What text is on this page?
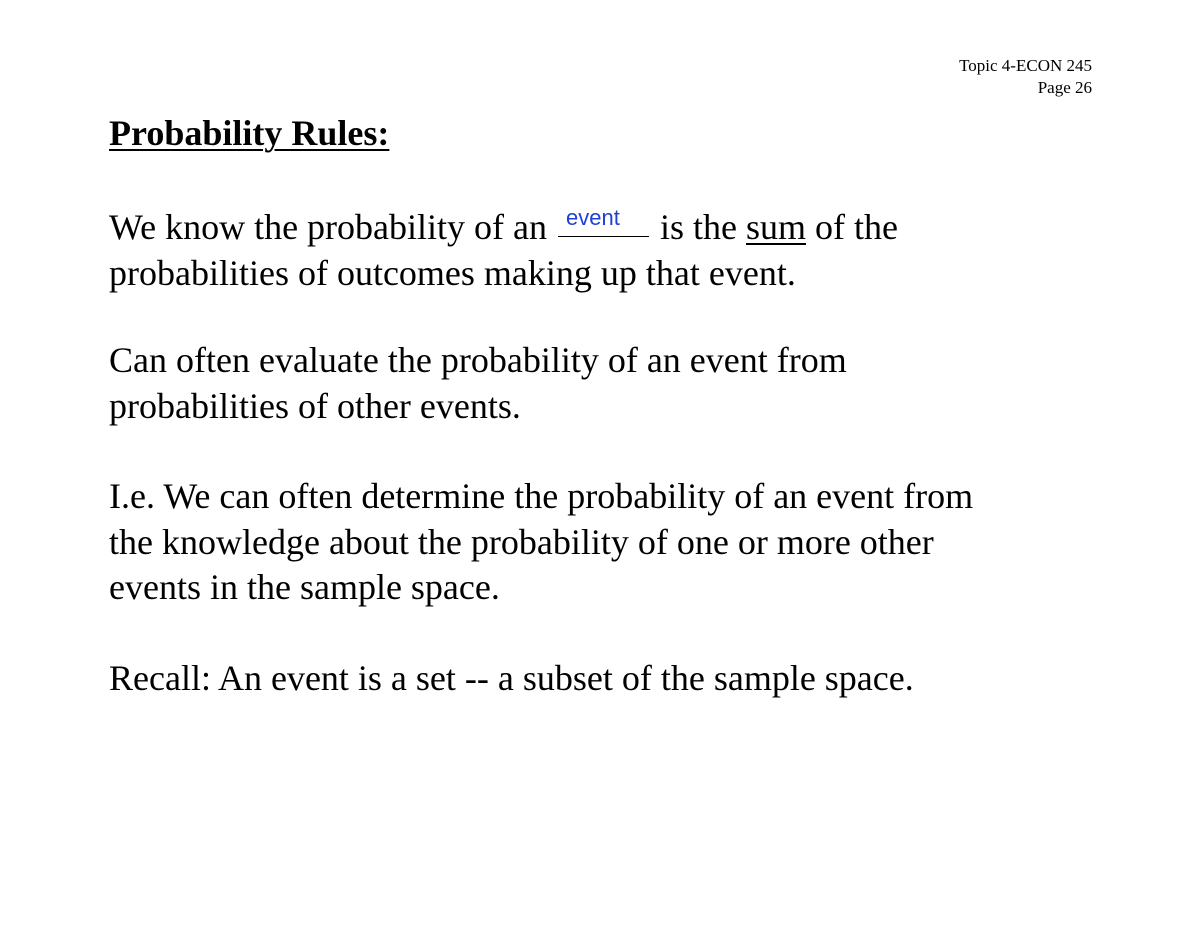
Topic 4-ECON 245
Page 26
Probability Rules:

We know the probability of an event is the sum of the
probabilities of outcomes making up that event.

Can often evaluate the probability of an event from
probabilities of other events.

I.e. We can often determine the probability of an event from
the knowledge about the probability of one or more other
events in the sample space.

Recall: An event is a set -- a subset of the sample space.
